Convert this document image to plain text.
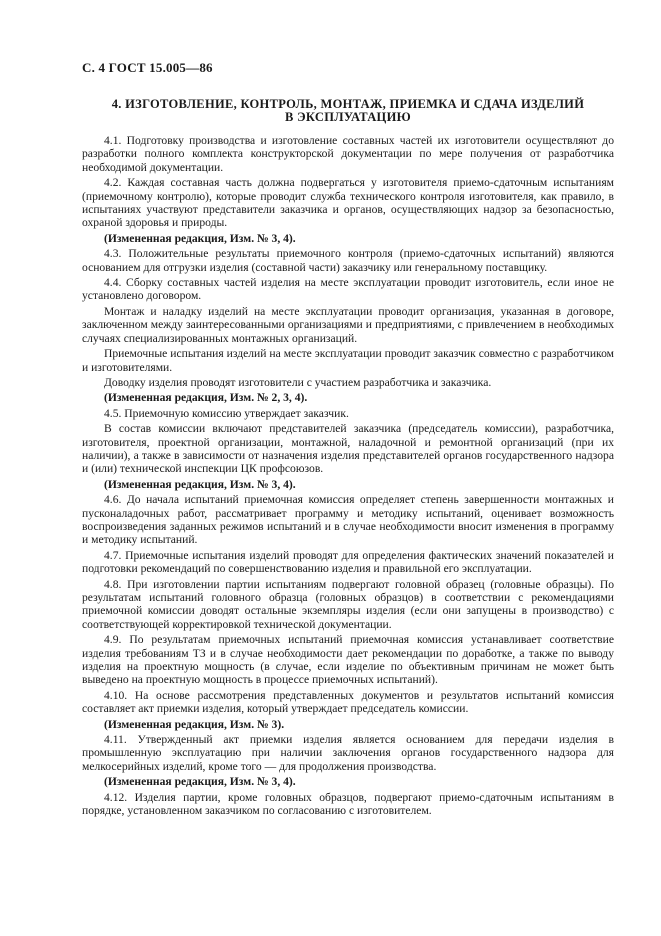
С. 4 ГОСТ 15.005—86
4. ИЗГОТОВЛЕНИЕ, КОНТРОЛЬ, МОНТАЖ, ПРИЕМКА И СДАЧА ИЗДЕЛИЙ
В ЭКСПЛУАТАЦИЮ

4.1. Подготовку производства и изготовление составных частей их изготовители осуществляют до разработки полного комплекта конструкторской документации по мере получения от разработчика необходимой документации.

4.2. Каждая составная часть должна подвергаться у изготовителя приемо-сдаточным испытаниям (приемочному контролю), которые проводит служба технического контроля изготовителя, как правило, в испытаниях участвуют представители заказчика и органов, осуществляющих надзор за безопасностью, охраной здоровья и природы.

(Измененная редакция, Изм. № 3, 4).

4.3. Положительные результаты приемочного контроля (приемо-сдаточных испытаний) являются основанием для отгрузки изделия (составной части) заказчику или генеральному поставщику.

4.4. Сборку составных частей изделия на месте эксплуатации проводит изготовитель, если иное не установлено договором.

Монтаж и наладку изделий на месте эксплуатации проводит организация, указанная в договоре, заключенном между заинтересованными организациями и предприятиями, с привлечением в необходимых случаях специализированных монтажных организаций.

Приемочные испытания изделий на месте эксплуатации проводит заказчик совместно с разработчиком и изготовителями.

Доводку изделия проводят изготовители с участием разработчика и заказчика.

(Измененная редакция, Изм. № 2, 3, 4).

4.5. Приемочную комиссию утверждает заказчик.

В состав комиссии включают представителей заказчика (председатель комиссии), разработчика, изготовителя, проектной организации, монтажной, наладочной и ремонтной организаций (при их наличии), а также в зависимости от назначения изделия представителей органов государственного надзора и (или) технической инспекции ЦК профсоюзов.

(Измененная редакция, Изм. № 3, 4).

4.6. До начала испытаний приемочная комиссия определяет степень завершенности монтажных и пусконаладочных работ, рассматривает программу и методику испытаний, оценивает возможность воспроизведения заданных режимов испытаний и в случае необходимости вносит изменения в программу и методику испытаний.

4.7. Приемочные испытания изделий проводят для определения фактических значений показателей и подготовки рекомендаций по совершенствованию изделия и правильной его эксплуатации.

4.8. При изготовлении партии испытаниям подвергают головной образец (головные образцы). По результатам испытаний головного образца (головных образцов) в соответствии с рекомендациями приемочной комиссии доводят остальные экземпляры изделия (если они запущены в производство) с соответствующей корректировкой технической документации.

4.9. По результатам приемочных испытаний приемочная комиссия устанавливает соответствие изделия требованиям ТЗ и в случае необходимости дает рекомендации по доработке, а также по выводу изделия на проектную мощность (в случае, если изделие по объективным причинам не может быть выведено на проектную мощность в процессе приемочных испытаний).

4.10. На основе рассмотрения представленных документов и результатов испытаний комиссия составляет акт приемки изделия, который утверждает председатель комиссии.

(Измененная редакция, Изм. № 3).

4.11. Утвержденный акт приемки изделия является основанием для передачи изделия в промышленную эксплуатацию при наличии заключения органов государственного надзора для мелкосерийных изделий, кроме того — для продолжения производства.

(Измененная редакция, Изм. № 3, 4).

4.12. Изделия партии, кроме головных образцов, подвергают приемо-сдаточным испытаниям в порядке, установленном заказчиком по согласованию с изготовителем.
